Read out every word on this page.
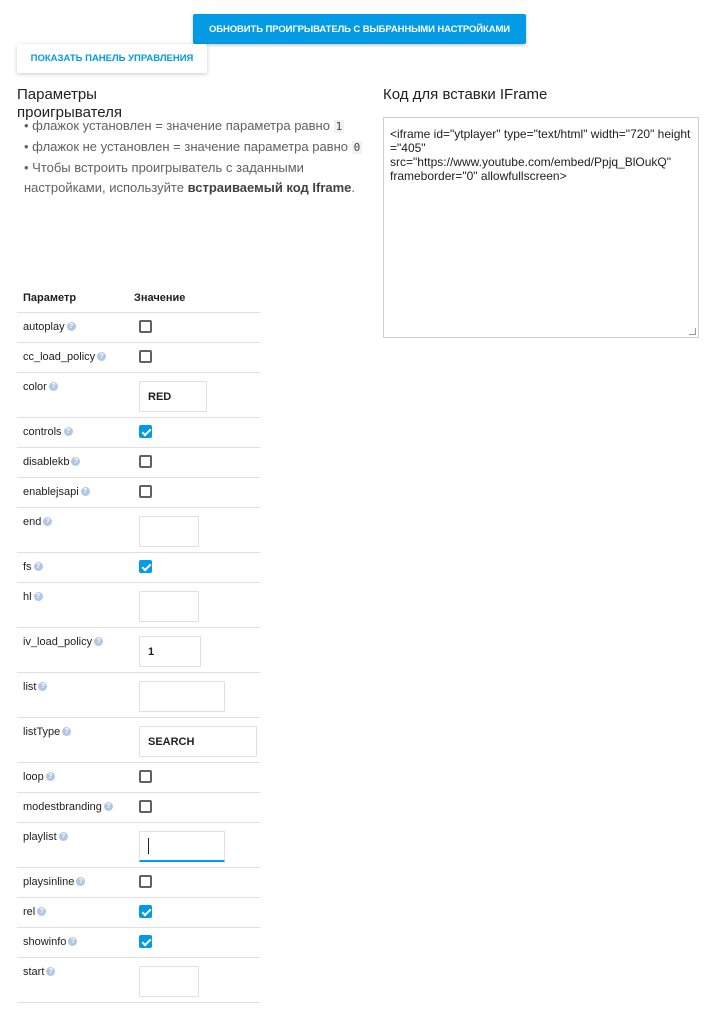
ОБНОВИТЬ ПРОИГРЫВАТЕЛЬ С ВЫБРАННЫМИ НАСТРОЙКАМИ
ПОКАЗАТЬ ПАНЕЛЬ УПРАВЛЕНИЯ
Параметры проигрывателя

• флажок установлен = значение параметра равно 1

• флажок не установлен = значение параметра равно 0

• Чтобы встроить проигрыватель с заданными настройками, используйте встраиваемый код Iframe.

Код для вставки IFrame
<iframe id="ytplayer" type="text/html" width="720" height="405"
src="https://www.youtube.com/embed/Ppjq_BlOukQ"
frameborder="0" allowfullscreen>
Параметр	Значение
autoplay ?	

cc_load_policy ?	

color ?	RED

controls ?	

disablekb ?	

enablejsapi ?	

end ?	

fs ?	

hl ?	

iv_load_policy ?	1

list ?	

listType ?	SEARCH

loop ?	

modestbranding ?	

playlist ?	

playsinline ?	

rel ?	

showinfo ?	

start ?	
